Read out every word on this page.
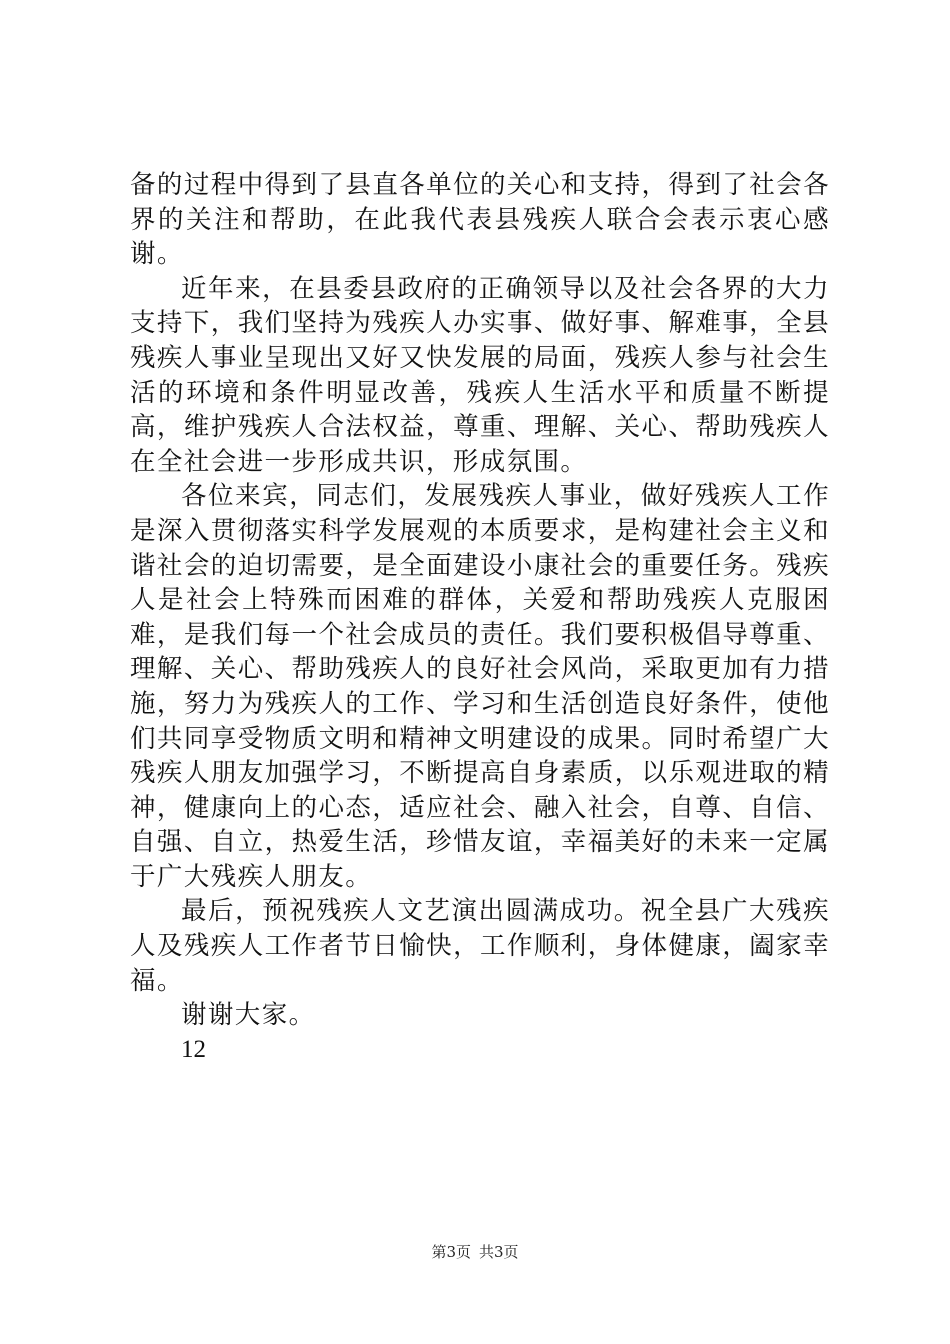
备的过程中得到了县直各单位的关心和支持，得到了社会各界的关注和帮助，在此我代表县残疾人联合会表示衷心感谢。

近年来，在县委县政府的正确领导以及社会各界的大力支持下，我们坚持为残疾人办实事、做好事、解难事，全县残疾人事业呈现出又好又快发展的局面，残疾人参与社会生活的环境和条件明显改善，残疾人生活水平和质量不断提高，维护残疾人合法权益，尊重、理解、关心、帮助残疾人在全社会进一步形成共识，形成氛围。

各位来宾，同志们，发展残疾人事业，做好残疾人工作是深入贯彻落实科学发展观的本质要求，是构建社会主义和谐社会的迫切需要，是全面建设小康社会的重要任务。残疾人是社会上特殊而困难的群体，关爱和帮助残疾人克服困难，是我们每一个社会成员的责任。我们要积极倡导尊重、理解、关心、帮助残疾人的良好社会风尚，采取更加有力措施，努力为残疾人的工作、学习和生活创造良好条件，使他们共同享受物质文明和精神文明建设的成果。同时希望广大残疾人朋友加强学习，不断提高自身素质，以乐观进取的精神，健康向上的心态，适应社会、融入社会，自尊、自信、自强、自立，热爱生活，珍惜友谊，幸福美好的未来一定属于广大残疾人朋友。

最后，预祝残疾人文艺演出圆满成功。祝全县广大残疾人及残疾人工作者节日愉快，工作顺利，身体健康，阖家幸福。

谢谢大家。

12

第3页 共3页
